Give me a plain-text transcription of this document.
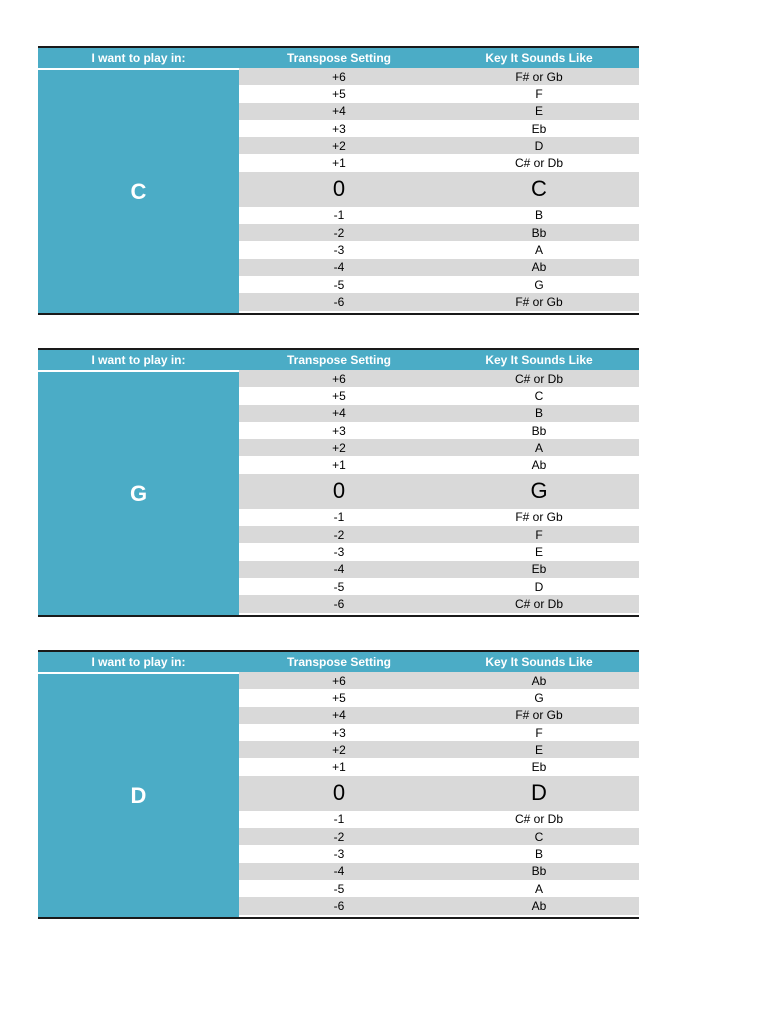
I want to play in:	Transpose Setting	Key It Sounds Like
C
+6	F# or Gb
+5	F
+4	E
+3	Eb
+2	D
+1	C# or Db
0	C
-1	B
-2	Bb
-3	A
-4	Ab
-5	G
-6	F# or Gb
I want to play in:	Transpose Setting	Key It Sounds Like
G
+6	C# or Db
+5	C
+4	B
+3	Bb
+2	A
+1	Ab
0	G
-1	F# or Gb
-2	F
-3	E
-4	Eb
-5	D
-6	C# or Db
I want to play in:	Transpose Setting	Key It Sounds Like
D
+6	Ab
+5	G
+4	F# or Gb
+3	F
+2	E
+1	Eb
0	D
-1	C# or Db
-2	C
-3	B
-4	Bb
-5	A
-6	Ab
